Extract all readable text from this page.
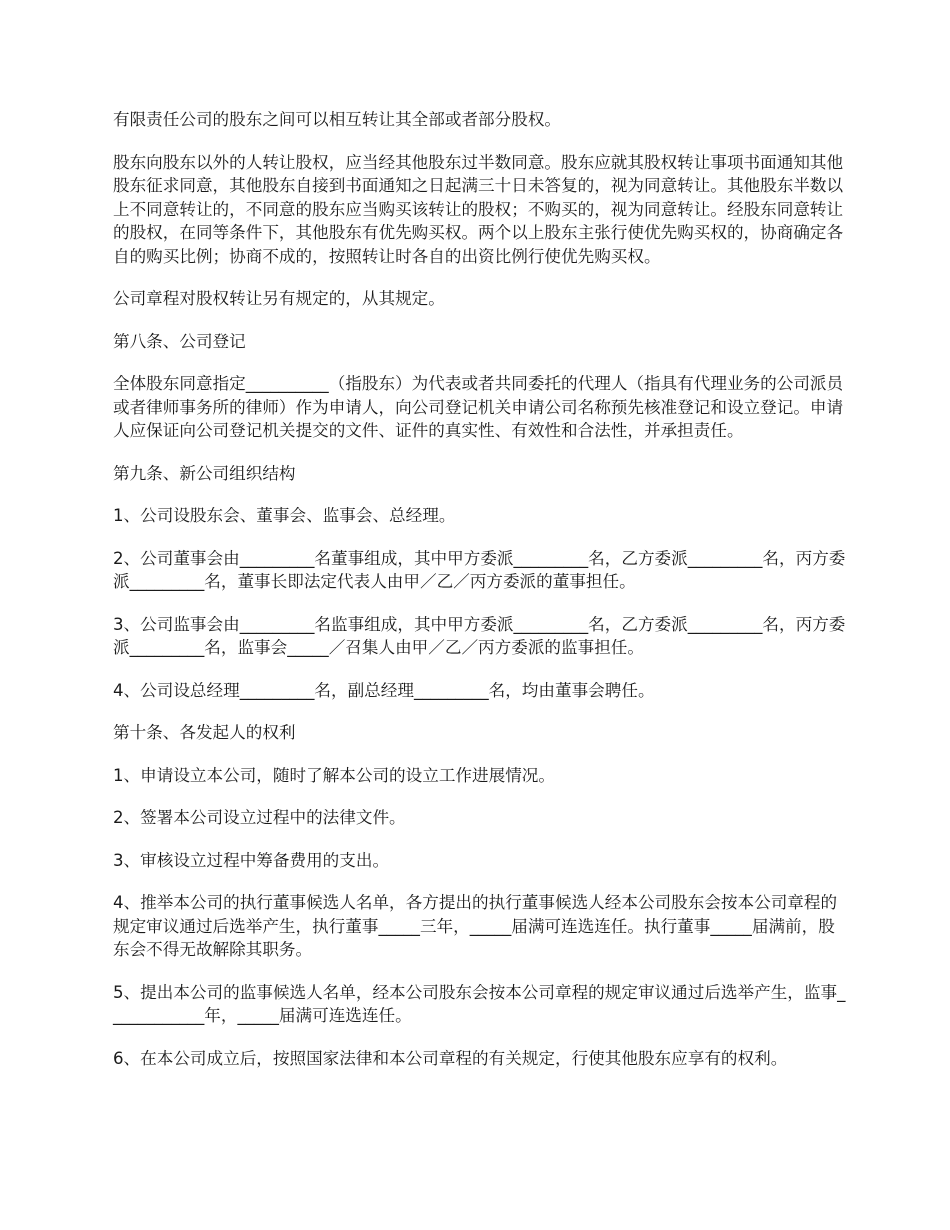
有限责任公司的股东之间可以相互转让其全部或者部分股权。

股东向股东以外的人转让股权，应当经其他股东过半数同意。股东应就其股权转让事项书面通知其他股东征求同意，其他股东自接到书面通知之日起满三十日未答复的，视为同意转让。其他股东半数以上不同意转让的，不同意的股东应当购买该转让的股权；不购买的，视为同意转让。经股东同意转让的股权，在同等条件下，其他股东有优先购买权。两个以上股东主张行使优先购买权的，协商确定各自的购买比例；协商不成的，按照转让时各自的出资比例行使优先购买权。

公司章程对股权转让另有规定的，从其规定。

第八条、公司登记

全体股东同意指定__________（指股东）为代表或者共同委托的代理人（指具有代理业务的公司派员或者律师事务所的律师）作为申请人，向公司登记机关申请公司名称预先核准登记和设立登记。申请人应保证向公司登记机关提交的文件、证件的真实性、有效性和合法性，并承担责任。

第九条、新公司组织结构

1、公司设股东会、董事会、监事会、总经理。

2、公司董事会由_________名董事组成，其中甲方委派_________名，乙方委派_________名，丙方委派_________名，董事长即法定代表人由甲／乙／丙方委派的董事担任。

3、公司监事会由_________名监事组成，其中甲方委派_________名，乙方委派_________名，丙方委派_________名，监事会_____／召集人由甲／乙／丙方委派的监事担任。

4、公司设总经理_________名，副总经理_________名，均由董事会聘任。

第十条、各发起人的权利

1、申请设立本公司，随时了解本公司的设立工作进展情况。

2、签署本公司设立过程中的法律文件。

3、审核设立过程中筹备费用的支出。

4、推举本公司的执行董事候选人名单，各方提出的执行董事候选人经本公司股东会按本公司章程的规定审议通过后选举产生，执行董事_____三年，_____届满可连选连任。执行董事_____届满前，股东会不得无故解除其职务。

5、提出本公司的监事候选人名单，经本公司股东会按本公司章程的规定审议通过后选举产生，监事____________年，_____届满可连选连任。

6、在本公司成立后，按照国家法律和本公司章程的有关规定，行使其他股东应享有的权利。
